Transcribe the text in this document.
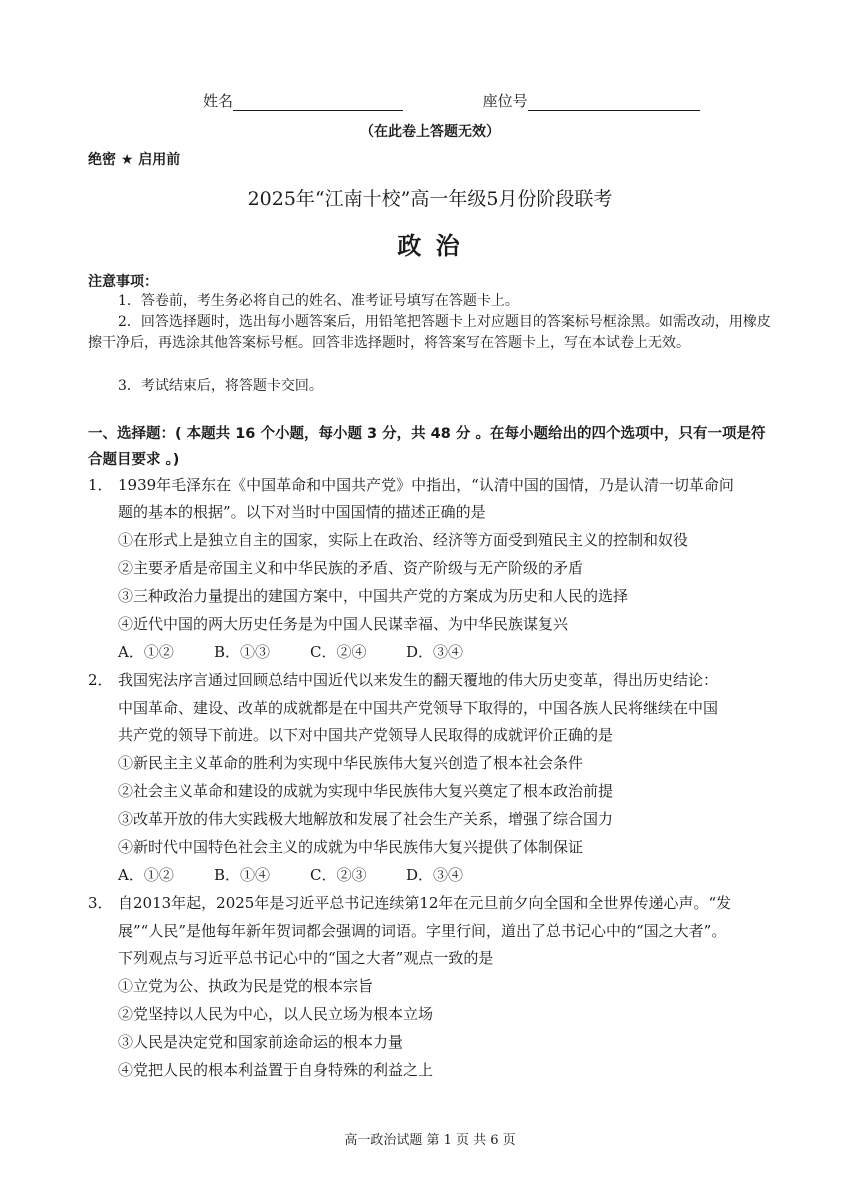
姓名	座位号
（在此卷上答题无效）
绝密 ★ 启用前
2025年“江南十校”高一年级5月份阶段联考
政 治
注意事项：
1．答卷前，考生务必将自己的姓名、准考证号填写在答题卡上。
2．回答选择题时，选出每小题答案后，用铅笔把答题卡上对应题目的答案标号框涂黑。如需改动，用橡皮擦干净后，再选涂其他答案标号框。回答非选择题时，将答案写在答题卡上，写在本试卷上无效。
3．考试结束后，将答题卡交回。
一、选择题：( 本题共 16 个小题，每小题 3 分，共 48 分 。在每小题给出的四个选项中，只有一项是符合题目要求 。)
1． 1939年毛泽东在《中国革命和中国共产党》中指出，“认清中国的国情，乃是认清一切革命问
题的基本的根据”。以下对当时中国国情的描述正确的是
①在形式上是独立自主的国家，实际上在政治、经济等方面受到殖民主义的控制和奴役
②主要矛盾是帝国主义和中华民族的矛盾、资产阶级与无产阶级的矛盾
③三种政治力量提出的建国方案中，中国共产党的方案成为历史和人民的选择
④近代中国的两大历史任务是为中国人民谋幸福、为中华民族谋复兴
A．①②	B．①③	C．②④	D．③④
2． 我国宪法序言通过回顾总结中国近代以来发生的翻天覆地的伟大历史变革，得出历史结论：
中国革命、建设、改革的成就都是在中国共产党领导下取得的，中国各族人民将继续在中国
共产党的领导下前进。以下对中国共产党领导人民取得的成就评价正确的是
①新民主主义革命的胜利为实现中华民族伟大复兴创造了根本社会条件
②社会主义革命和建设的成就为实现中华民族伟大复兴奠定了根本政治前提
③改革开放的伟大实践极大地解放和发展了社会生产关系，增强了综合国力
④新时代中国特色社会主义的成就为中华民族伟大复兴提供了体制保证
A．①②	B．①④	C．②③	D．③④
3． 自2013年起，2025年是习近平总书记连续第12年在元旦前夕向全国和全世界传递心声。“发
展”“人民”是他每年新年贺词都会强调的词语。字里行间，道出了总书记心中的“国之大者”。
下列观点与习近平总书记心中的“国之大者”观点一致的是
①立党为公、执政为民是党的根本宗旨
②党坚持以人民为中心，以人民立场为根本立场
③人民是决定党和国家前途命运的根本力量
④党把人民的根本利益置于自身特殊的利益之上
高一政治试题 第 1 页 共 6 页
